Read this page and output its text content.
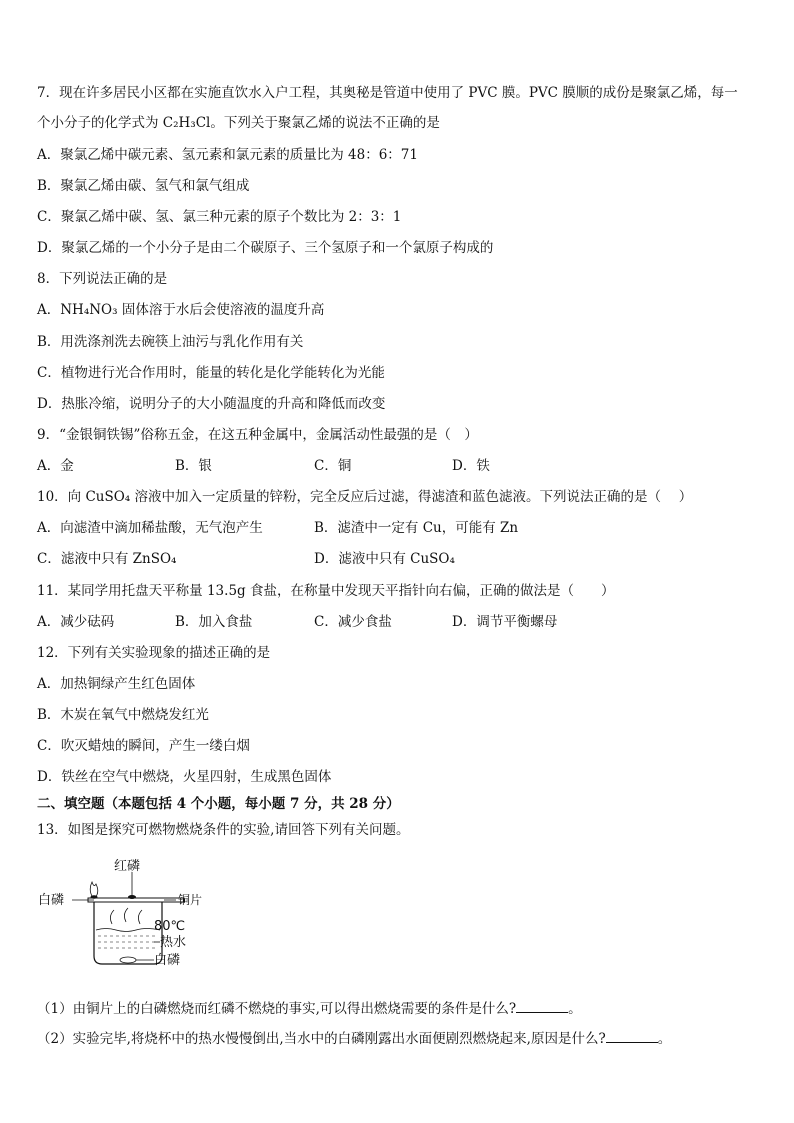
7．现在许多居民小区都在实施直饮水入户工程，其奥秘是管道中使用了 PVC 膜。PVC 膜顺的成份是聚氯乙烯，每一
个小分子的化学式为 C₂H₃Cl。下列关于聚氯乙烯的说法不正确的是
A．聚氯乙烯中碳元素、氢元素和氯元素的质量比为 48：6：71
B．聚氯乙烯由碳、氢气和氯气组成
C．聚氯乙烯中碳、氢、氯三种元素的原子个数比为 2：3：1
D．聚氯乙烯的一个小分子是由二个碳原子、三个氢原子和一个氯原子构成的
8．下列说法正确的是
A．NH₄NO₃ 固体溶于水后会使溶液的温度升高
B．用洗涤剂洗去碗筷上油污与乳化作用有关
C．植物进行光合作用时，能量的转化是化学能转化为光能
D．热胀冷缩，说明分子的大小随温度的升高和降低而改变
9．“金银铜铁锡”俗称五金，在这五种金属中，金属活动性最强的是（　）
A．金	B．银	C．铜	D．铁
10．向 CuSO₄ 溶液中加入一定质量的锌粉，完全反应后过滤，得滤渣和蓝色滤液。下列说法正确的是（　 ）
A．向滤渣中滴加稀盐酸，无气泡产生	B．滤渣中一定有 Cu，可能有 Zn
C．滤液中只有 ZnSO₄	D．滤液中只有 CuSO₄
11．某同学用托盘天平称量 13.5g 食盐，在称量中发现天平指针向右偏，正确的做法是（　　）
A．减少砝码	B．加入食盐	C．减少食盐	D．调节平衡螺母
12．下列有关实验现象的描述正确的是
A．加热铜绿产生红色固体
B．木炭在氧气中燃烧发红光
C．吹灭蜡烛的瞬间，产生一缕白烟
D．铁丝在空气中燃烧，火星四射，生成黑色固体
二、填空题（本题包括 4 个小题，每小题 7 分，共 28 分）
13．如图是探究可燃物燃烧条件的实验,请回答下列有关问题。
红磷
白磷	铜片
80℃
热水
白磷
（1）由铜片上的白磷燃烧而红磷不燃烧的事实,可以得出燃烧需要的条件是什么?	。
（2）实验完毕,将烧杯中的热水慢慢倒出,当水中的白磷刚露出水面便剧烈燃烧起来,原因是什么?	。
